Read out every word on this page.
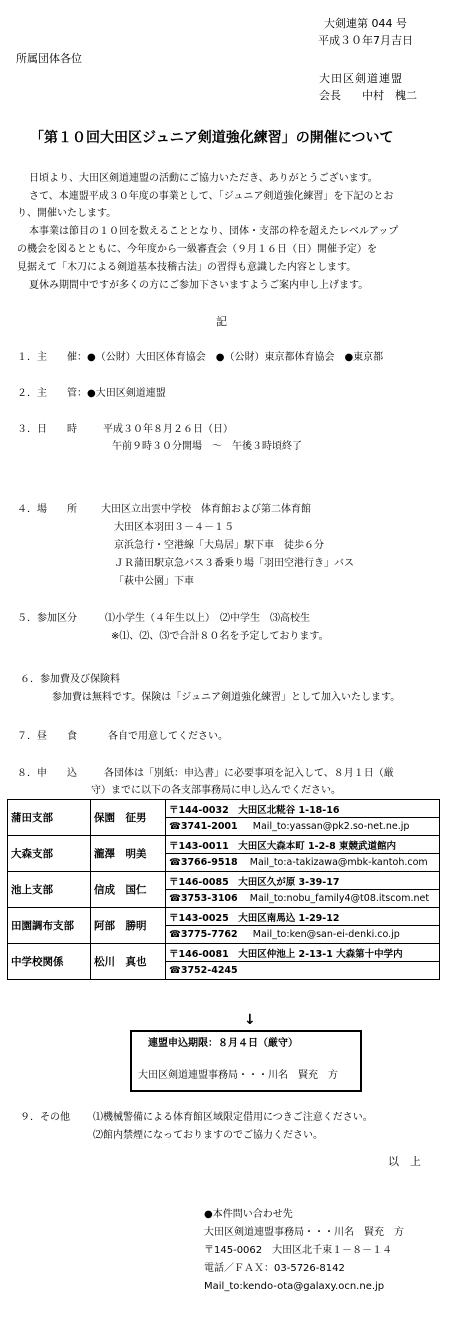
大剣連第 044 号
平成３０年7月吉日
所属団体各位
大田区剣道連盟
会長 中村　槐二
「第１０回大田区ジュニア剣道強化練習」の開催について
日頃より、大田区剣道連盟の活動にご協力いただき、ありがとうございます。
さて、本連盟平成３０年度の事業として、「ジュニア剣道強化練習」を下記のとお
り、開催いたします。
本事業は節目の１０回を数えることとなり、団体・支部の枠を超えたレベルアップ
の機会を図るとともに、今年度から一級審査会（９月１６日（日）開催予定）を
見据えて「木刀による剣道基本技稽古法」の習得も意識した内容とします。
夏休み期間中ですが多くの方にご参加下さいますようご案内申し上げます。
記
１．主　　催： ●（公財）大田区体育協会　●（公財）東京都体育協会　●東京都
２．主　　管： ●大田区剣道連盟
３．日　　時	平成３０年８月２６日（日）
午前９時３０分開場　～　午後３時頃終了
４．場　　所 大田区立出雲中学校　体育館および第二体育館
大田区本羽田３－４－１５
京浜急行・空港線「大鳥居」駅下車　徒歩６分
ＪＲ蒲田駅京急バス３番乗り場「羽田空港行き」バス
「萩中公園」下車
５．参加区分	⑴小学生（４年生以上）　⑵中学生　⑶高校生
※⑴、⑵、⑶で合計８０名を予定しております。
６．参加費及び保険料
参加費は無料です。保険は「ジュニア剣道強化練習」として加入いたします。
７．昼　　食	各自で用意してください。
８．申　　込	各団体は「別紙：申込書」に必要事項を記入して、８月１日（厳
守）までに以下の各支部事務局に申し込んでください。
蒲田支部	保園　征男	〒144-0032　大田区北糀谷 1-18-16
		☎3741-2001 Mail_to:yassan@pk2.so-net.ne.jp
大森支部	瀧澤　明美	〒143-0011　大田区大森本町 1-2-8 東競武道館内
		☎3766-9518 Mail_to:a-takizawa@mbk-kantoh.com
池上支部	信成　国仁	〒146-0085　大田区久が原 3-39-17
		☎3753-3106 Mail_to:nobu_family4@t08.itscom.net
田園調布支部	阿部　勝明	〒143-0025　大田区南馬込 1-29-12
		☎3775-7762 Mail_to:ken@san-ei-denki.co.jp
中学校関係	松川　真也	〒146-0081　大田区仲池上 2-13-1 大森第十中学内
		☎3752-4245
↓
連盟申込期限：８月４日（厳守）
大田区剣道連盟事務局・・・川名　賢充　方
９．その他 ⑴機械警備による体育館区域限定借用につきご注意ください。
⑵館内禁煙になっておりますのでご協力ください。
以　上
●本件問い合わせ先
大田区剣道連盟事務局・・・川名　賢充　方
〒145-0062　大田区北千束１－８－１４
電話／ＦＡＸ：03-5726-8142
Mail_to:kendo-ota@galaxy.ocn.ne.jp
